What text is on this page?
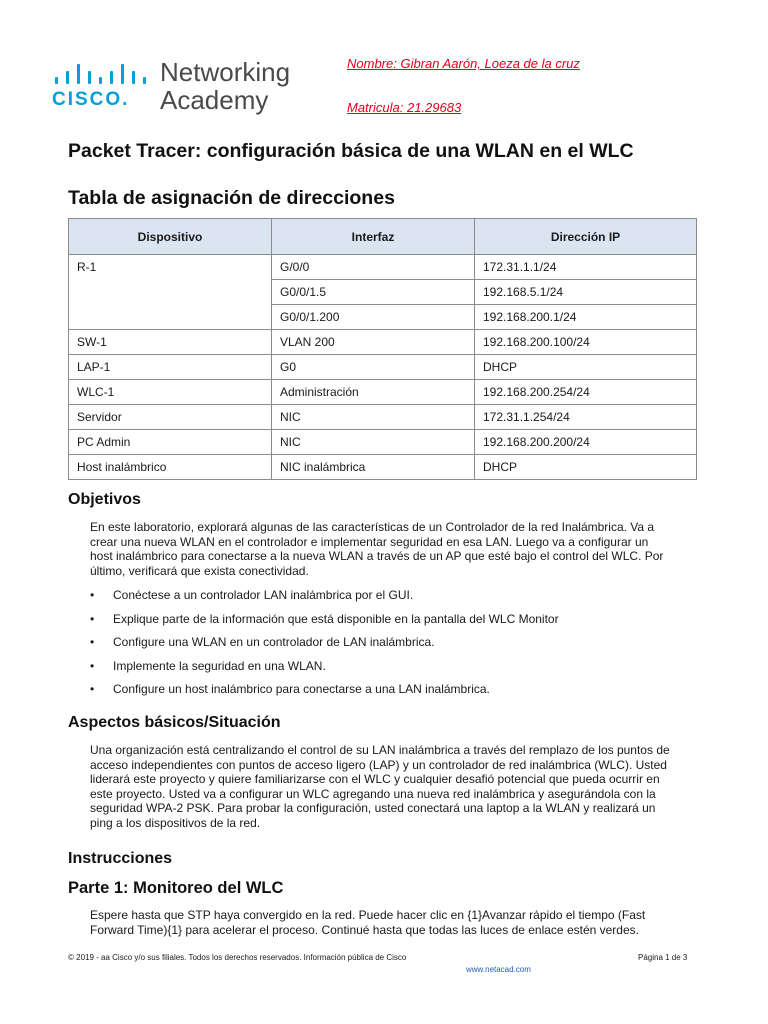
CISCO.
Networking
Academy
Nombre: Gibran Aarón, Loeza de la cruz
Matricula: 21.29683
Packet Tracer: configuración básica de una WLAN en el WLC
Tabla de asignación de direcciones
Dispositivo	Interfaz	Dirección IP
R-1	G/0/0	172.31.1.1/24
	G0/0/1.5	192.168.5.1/24
	G0/0/1.200	192.168.200.1/24
SW-1	VLAN 200	192.168.200.100/24
LAP-1	G0	DHCP
WLC-1	Administración	192.168.200.254/24
Servidor	NIC	172.31.1.254/24
PC Admin	NIC	192.168.200.200/24
Host inalámbrico	NIC inalámbrica	DHCP
Objetivos
En este laboratorio, explorará algunas de las características de un Controlador de la red Inalámbrica. Va a
crear una nueva WLAN en el controlador e implementar seguridad en esa LAN. Luego va a configurar un
host inalámbrico para conectarse a la nueva WLAN a través de un AP que esté bajo el control del WLC. Por
último, verificará que exista conectividad.
• Conéctese a un controlador LAN inalámbrica por el GUI.
• Explique parte de la información que está disponible en la pantalla del WLC Monitor
• Configure una WLAN en un controlador de LAN inalámbrica.
• Implemente la seguridad en una WLAN.
• Configure un host inalámbrico para conectarse a una LAN inalámbrica.
Aspectos básicos/Situación
Una organización está centralizando el control de su LAN inalámbrica a través del remplazo de los puntos de
acceso independientes con puntos de acceso ligero (LAP) y un controlador de red inalámbrica (WLC). Usted
liderará este proyecto y quiere familiarizarse con el WLC y cualquier desafió potencial que pueda ocurrir en
este proyecto. Usted va a configurar un WLC agregando una nueva red inalámbrica y asegurándola con la
seguridad WPA-2 PSK. Para probar la configuración, usted conectará una laptop a la WLAN y realizará un
ping a los dispositivos de la red.
Instrucciones
Parte 1: Monitoreo del WLC
Espere hasta que STP haya convergido en la red. Puede hacer clic en {1}Avanzar rápido el tiempo (Fast
Forward Time){1} para acelerar el proceso. Continué hasta que todas las luces de enlace estén verdes.
© 2019 - aa Cisco y/o sus filiales. Todos los derechos reservados. Información pública de Cisco	Página 1 de 3
www.netacad.com
